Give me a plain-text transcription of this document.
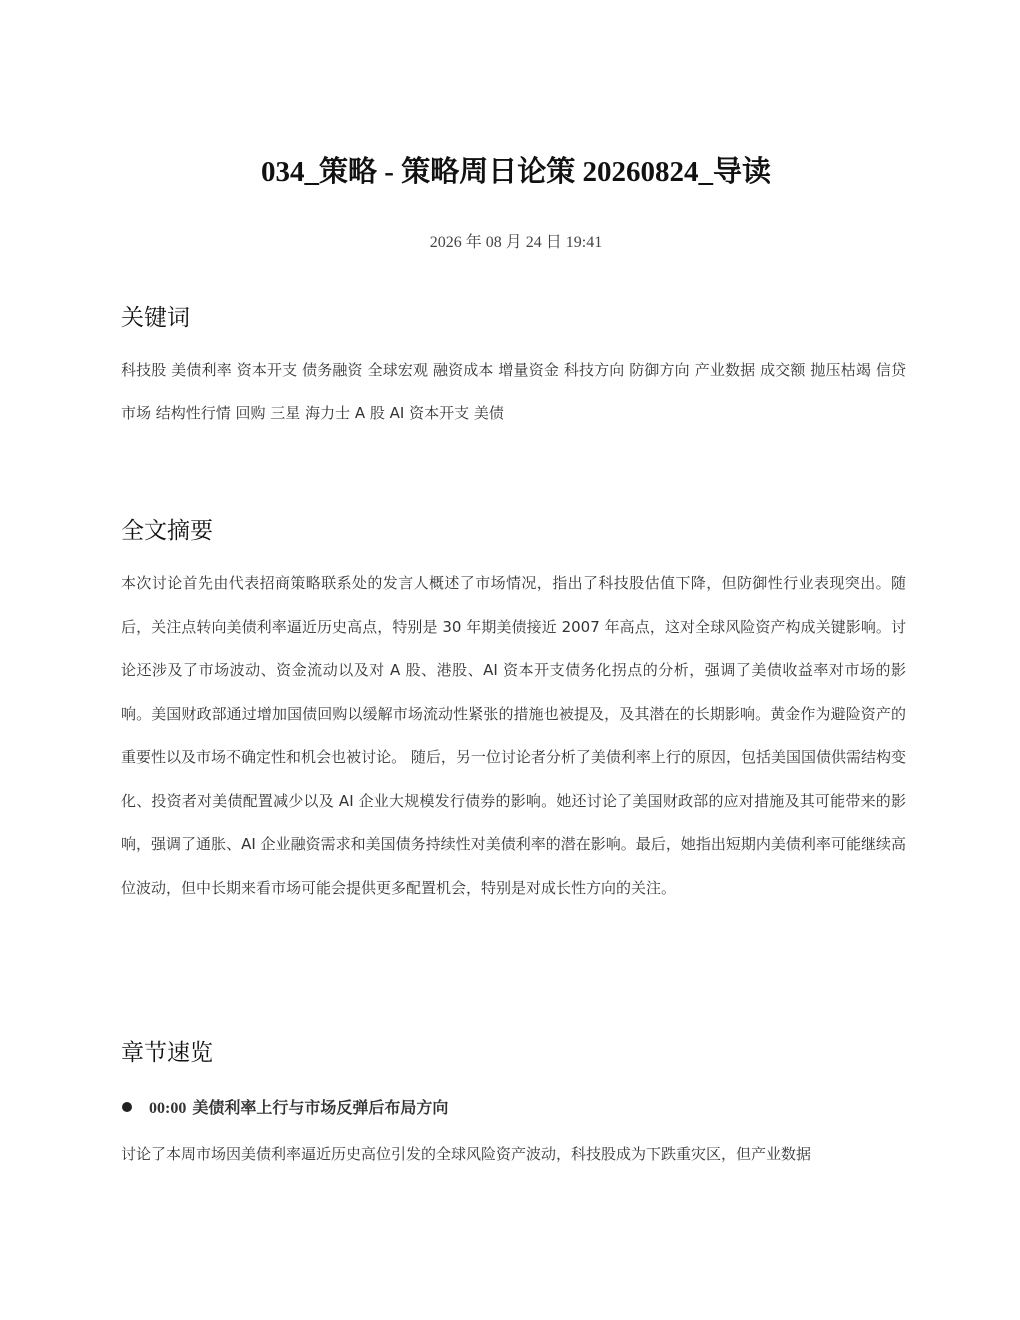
034_策略 - 策略周日论策 20260824_导读
2026 年 08 月 24 日 19:41
关键词

科技股 美债利率 资本开支 债务融资 全球宏观 融资成本 增量资金 科技方向 防御方向 产业数据 成交额 抛压枯竭 信贷市场 结构性行情 回购 三星 海力士 A 股 AI 资本开支 美债

全文摘要

本次讨论首先由代表招商策略联系处的发言人概述了市场情况，指出了科技股估值下降，但防御性行业表现突出。随后，关注点转向美债利率逼近历史高点，特别是 30 年期美债接近 2007 年高点，这对全球风险资产构成关键影响。讨论还涉及了市场波动、资金流动以及对 A 股、港股、AI 资本开支债务化拐点的分析，强调了美债收益率对市场的影响。美国财政部通过增加国债回购以缓解市场流动性紧张的措施也被提及，及其潜在的长期影响。黄金作为避险资产的重要性以及市场不确定性和机会也被讨论。 随后，另一位讨论者分析了美债利率上行的原因，包括美国国债供需结构变化、投资者对美债配置减少以及 AI 企业大规模发行债券的影响。她还讨论了美国财政部的应对措施及其可能带来的影响，强调了通胀、AI 企业融资需求和美国债务持续性对美债利率的潜在影响。最后，她指出短期内美债利率可能继续高位波动，但中长期来看市场可能会提供更多配置机会，特别是对成长性方向的关注。

章节速览
00:00 美债利率上行与市场反弹后布局方向

讨论了本周市场因美债利率逼近历史高位引发的全球风险资产波动，科技股成为下跌重灾区，但产业数据
